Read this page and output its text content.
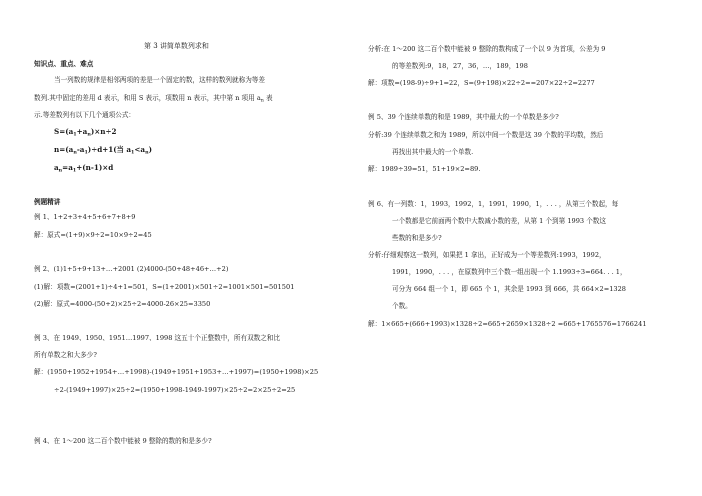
第 3 讲简单数列求和
知识点、重点、难点
当一列数的规律是相邻两项的差是一个固定的数，这样的数列就称为等差
数列.其中固定的差用 d 表示，和用 S 表示，项数用 n 表示，其中第 n 项用 $a_n$ 表
示.等差数列有以下几个通项公式：
$S=(a_1+a_n)\times n\div 2$
$n=(a_n-a_1)\div d+1$(当 $a_1<a_n$)
$a_n=a_1+(n-1)\times d$
例题精讲
例 1、1+2+3+4+5+6+7+8+9
解：原式=(1+9)×9÷2=10×9÷2=45
例 2、(1)1+5+9+13+…+2001 (2)4000-(50+48+46+…+2)
(1)解：项数=(2001+1)÷4+1=501，S=(1+2001)×501÷2=1001×501=501501
(2)解：原式=4000-(50+2)×25÷2=4000-26×25=3350
例 3、在 1949、1950、1951…1997、1998 这五十个正整数中，所有双数之和比
所有单数之和大多少?
解：(1950+1952+1954+…+1998)-(1949+1951+1953+…+1997)=(1950+1998)×25
÷2-(1949+1997)×25÷2=(1950+1998-1949-1997)×25÷2=2×25÷2=25
例 4、在 1～200 这二百个数中能被 9 整除的数的和是多少?
分析:在 1～200 这二百个数中能被 9 整除的数构成了一个以 9 为首项，公差为 9
的等差数列:9，18，27，36，…，189，198
解：项数=(198-9)÷9+1=22，S=(9+198)×22÷2==207×22÷2=2277
例 5、39 个连续单数的和是 1989，其中最大的一个单数是多少?
分析:39 个连续单数之和为 1989，所以中间一个数是这 39 个数的平均数，然后
再找出其中最大的一个单数.
解：1989÷39=51，51+19×2=89.
例 6、有一列数：1，1993，1992，1，1991，1990，1，. . . ，从第三个数起，每
一个数都是它前面两个数中大数减小数的差，从第 1 个到第 1993 个数这
些数的和是多少?
分析:仔细观察这一数列，如果把 1 拿出，正好成为一个等差数列:1993，1992，
1991，1990，. . . ，在原数列中三个数一组出现一个 1.1993÷3=664. . . 1，
可分为 664 组一个 1，即 665 个 1，其余是 1993 到 666，共 664×2=1328
个数。
解：1×665+(666+1993)×1328÷2=665+2659×1328÷2 =665+1765576=1766241
